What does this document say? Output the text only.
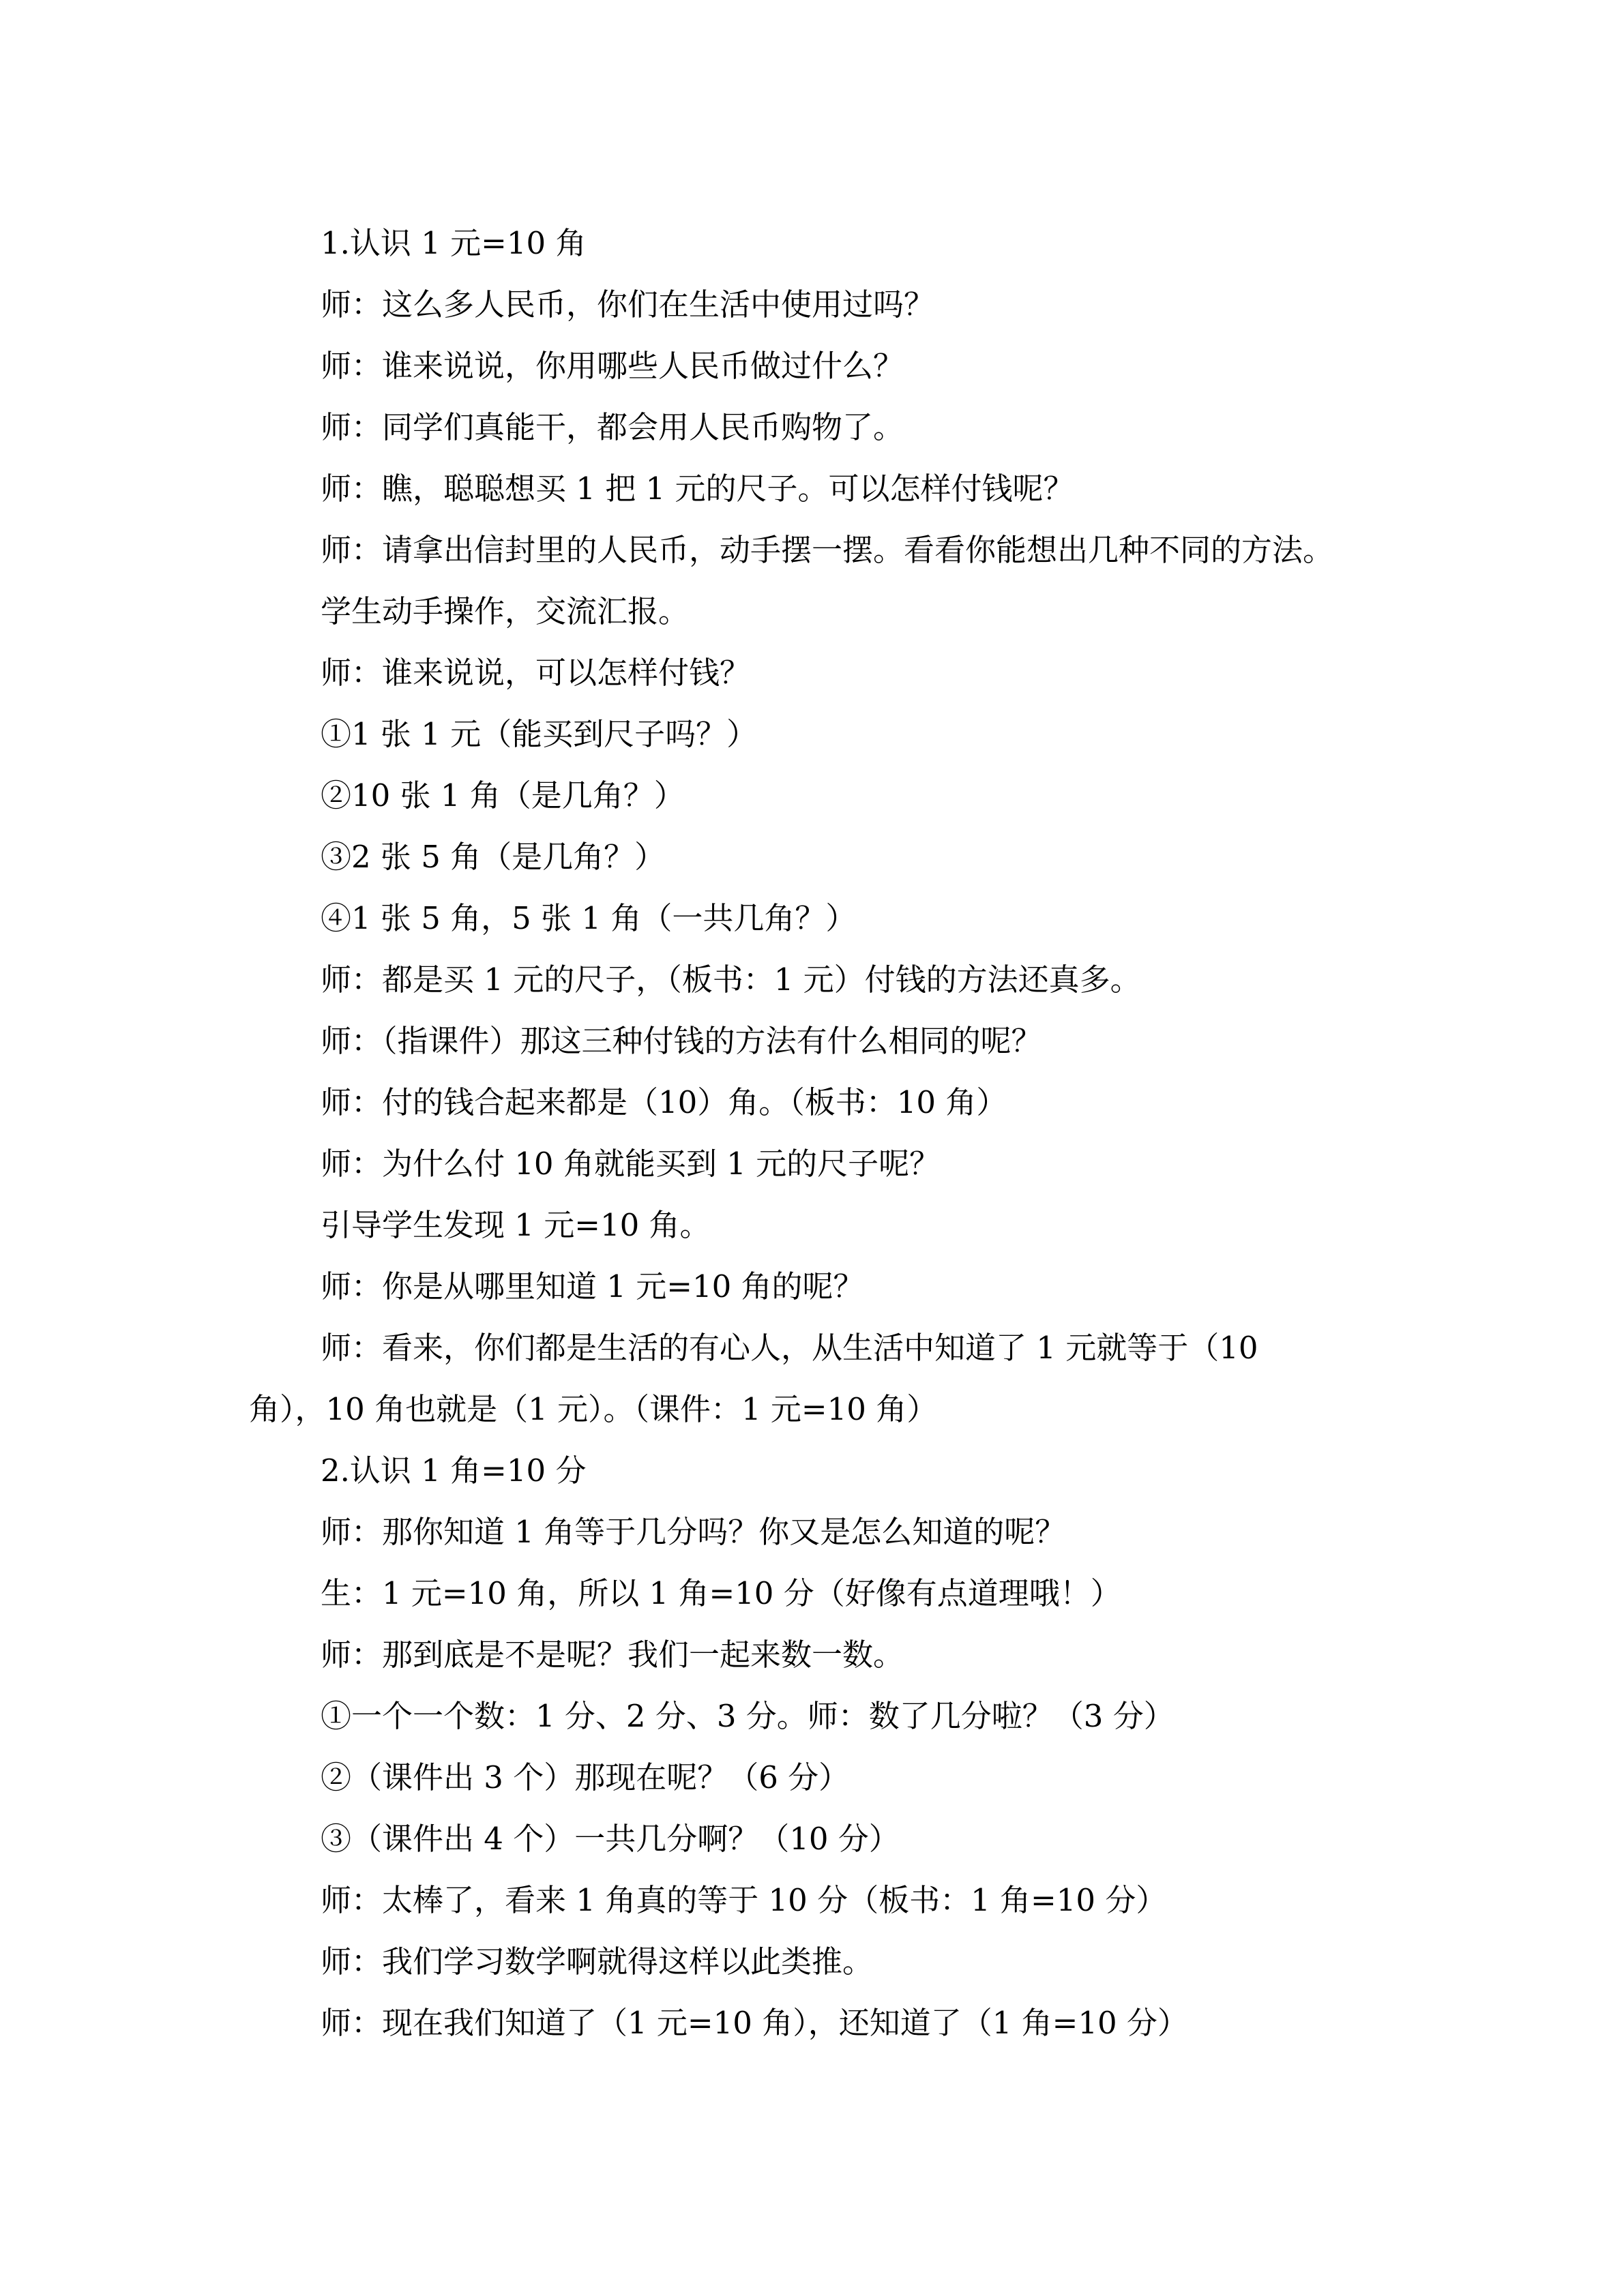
1.认识 1 元=10 角

师：这么多人民币，你们在生活中使用过吗？

师：谁来说说，你用哪些人民币做过什么？

师：同学们真能干，都会用人民币购物了。

师：瞧，聪聪想买 1 把 1 元的尺子。可以怎样付钱呢？

师：请拿出信封里的人民币，动手摆一摆。看看你能想出几种不同的方法。

学生动手操作，交流汇报。

师：谁来说说，可以怎样付钱？

①1 张 1 元（能买到尺子吗？）

②10 张 1 角（是几角？）

③2 张 5 角（是几角？）

④1 张 5 角，5 张 1 角（一共几角？）

师：都是买 1 元的尺子，（板书：1 元）付钱的方法还真多。

师：（指课件）那这三种付钱的方法有什么相同的呢？

师：付的钱合起来都是（10）角。（板书：10 角）

师：为什么付 10 角就能买到 1 元的尺子呢？

引导学生发现 1 元=10 角。

师：你是从哪里知道 1 元=10 角的呢？

师：看来，你们都是生活的有心人，从生活中知道了 1 元就等于（10 角），10 角也就是（1 元）。（课件：1 元=10 角）

2.认识 1 角=10 分

师：那你知道 1 角等于几分吗？你又是怎么知道的呢？

生：1 元=10 角，所以 1 角=10 分（好像有点道理哦！）

师：那到底是不是呢？我们一起来数一数。

①一个一个数：1 分、2 分、3 分。师：数了几分啦？（3 分）

②（课件出 3 个）那现在呢？（6 分）

③（课件出 4 个）一共几分啊？（10 分）

师：太棒了，看来 1 角真的等于 10 分（板书：1 角=10 分）

师：我们学习数学啊就得这样以此类推。

师：现在我们知道了（1 元=10 角），还知道了（1 角=10 分）
